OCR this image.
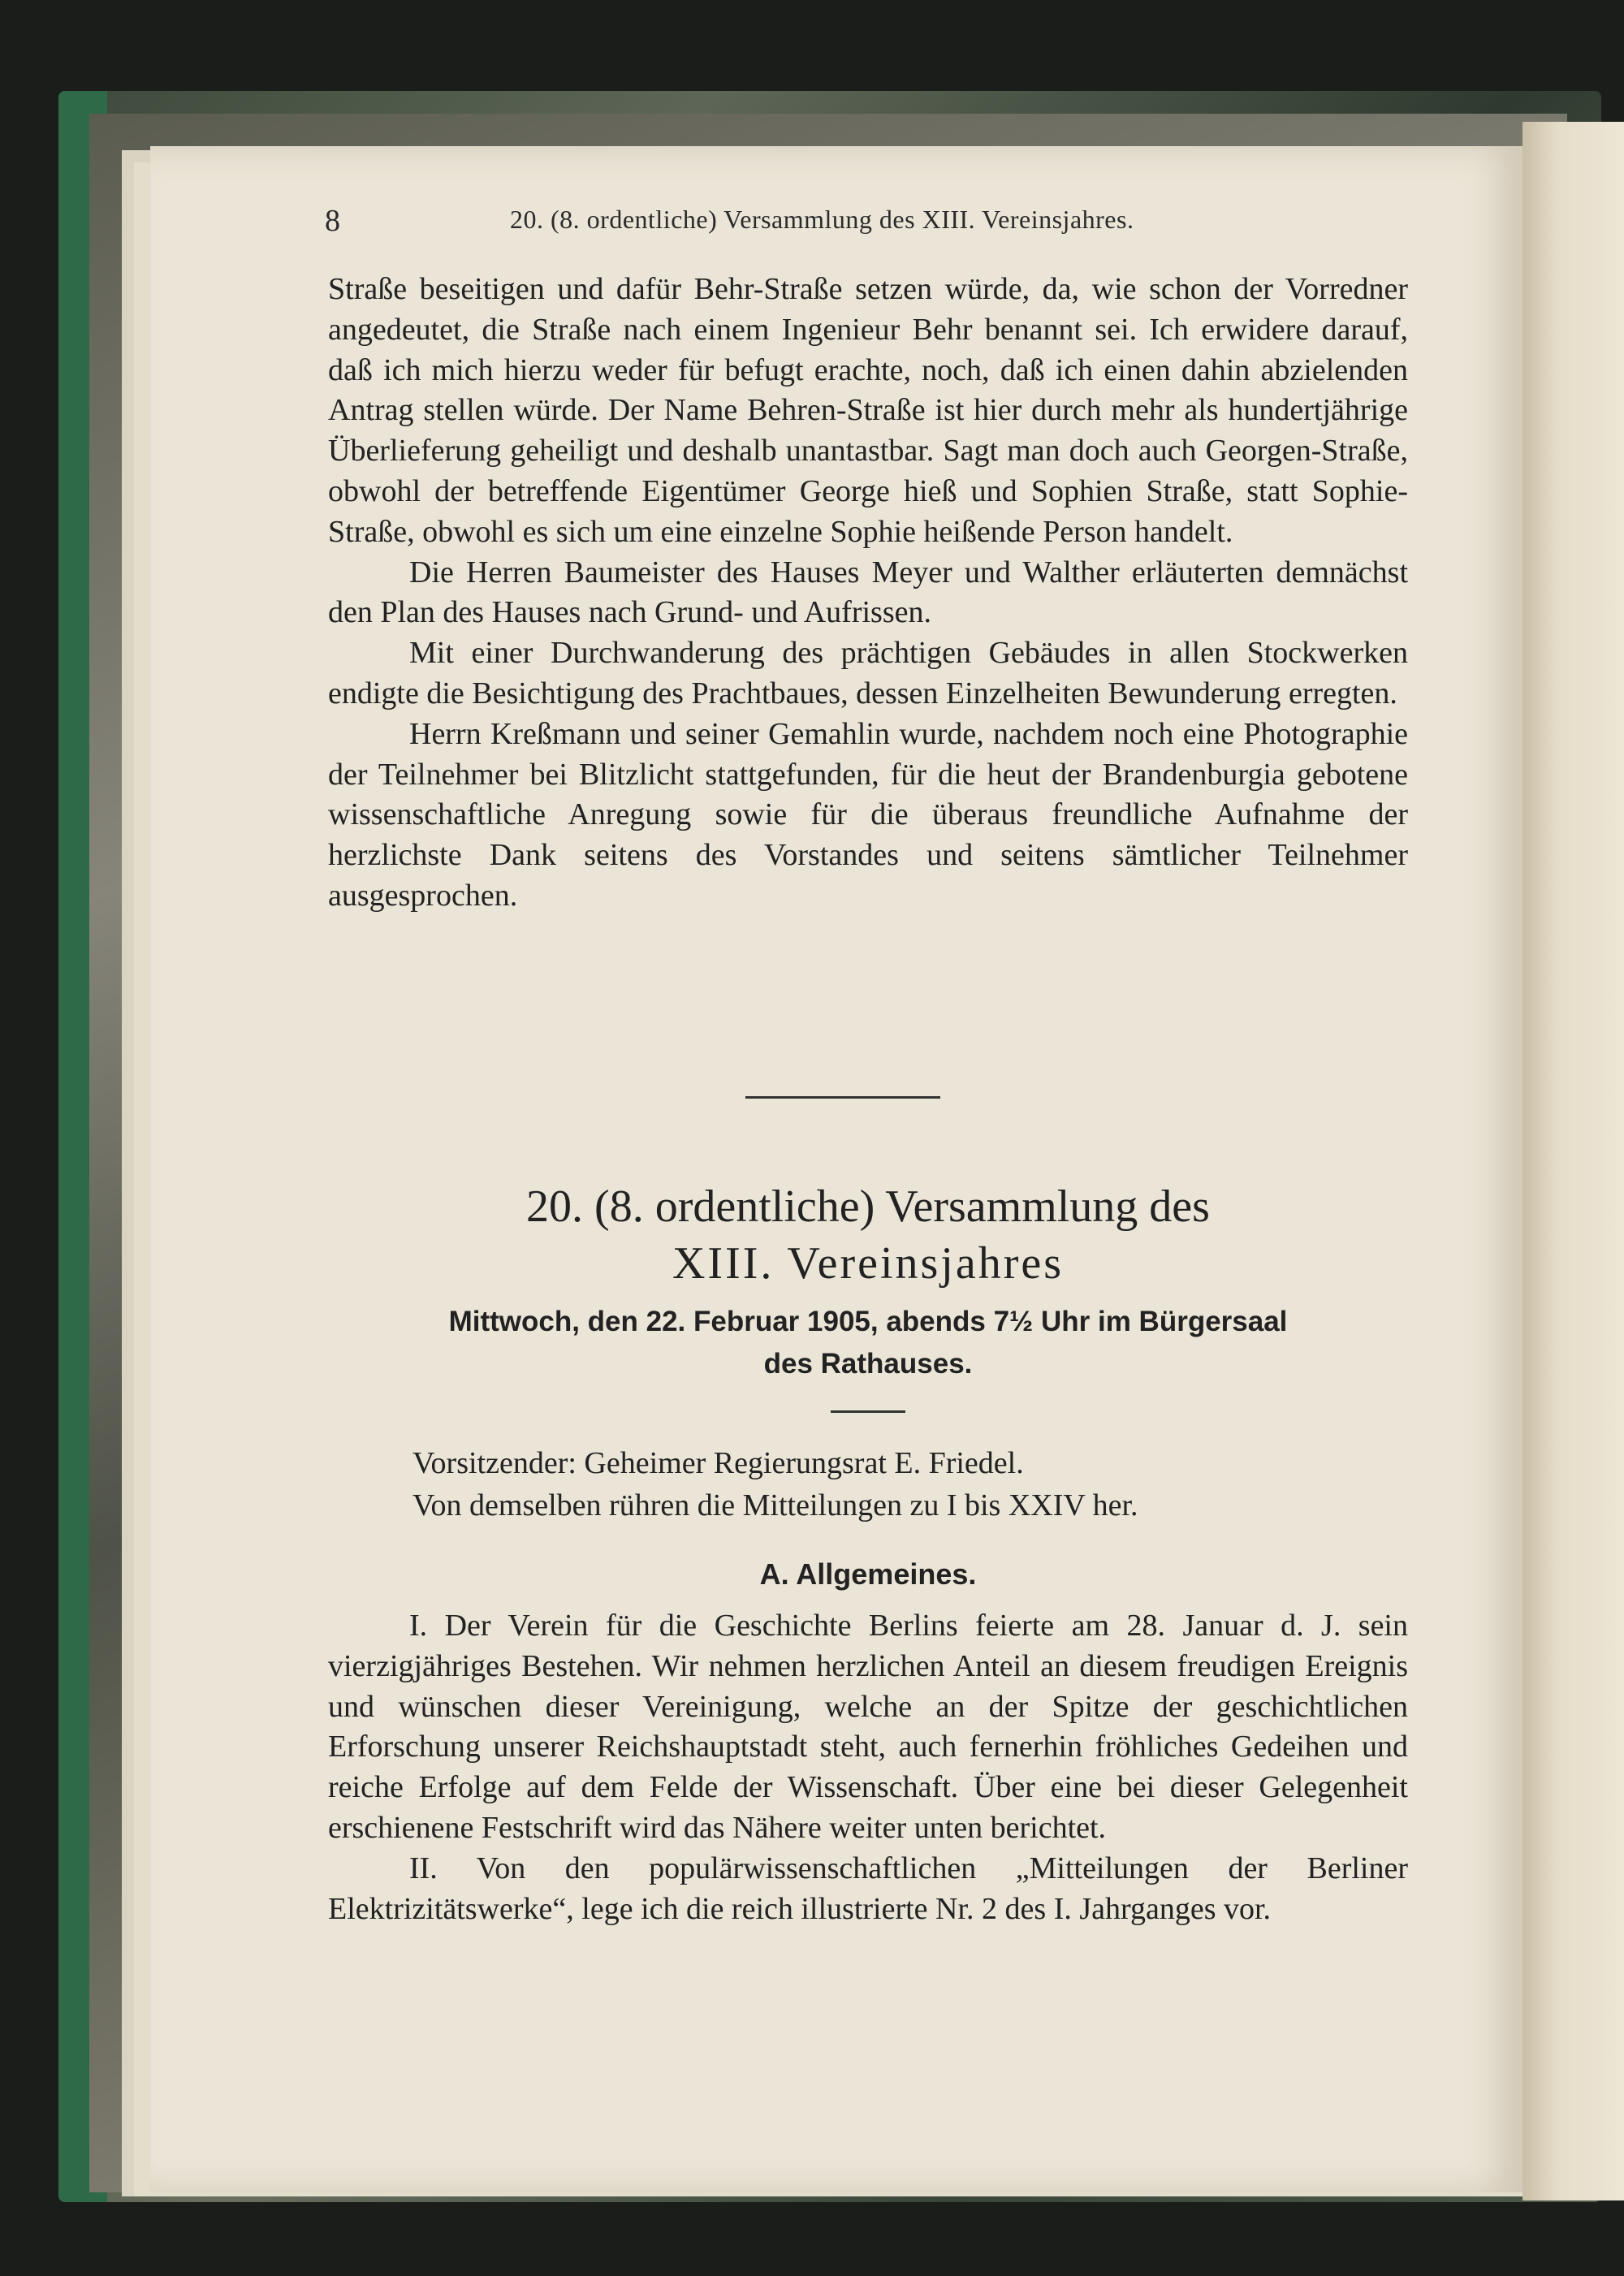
8	20. (8. ordentliche) Versammlung des XIII. Vereinsjahres.

Straße beseitigen und dafür Behr-Straße setzen würde, da, wie schon der Vorredner angedeutet, die Straße nach einem Ingenieur Behr benannt sei. Ich erwidere darauf, daß ich mich hierzu weder für befugt erachte, noch, daß ich einen dahin abzielenden Antrag stellen würde. Der Name Behren-Straße ist hier durch mehr als hundertjährige Überlieferung geheiligt und deshalb unantastbar. Sagt man doch auch Georgen-Straße, obwohl der betreffende Eigentümer George hieß und Sophien Straße, statt Sophie-Straße, obwohl es sich um eine einzelne Sophie heißende Person handelt.

Die Herren Baumeister des Hauses Meyer und Walther erläuterten demnächst den Plan des Hauses nach Grund- und Aufrissen.

Mit einer Durchwanderung des prächtigen Gebäudes in allen Stockwerken endigte die Besichtigung des Prachtbaues, dessen Einzelheiten Bewunderung erregten.

Herrn Kreßmann und seiner Gemahlin wurde, nachdem noch eine Photographie der Teilnehmer bei Blitzlicht stattgefunden, für die heut der Brandenburgia gebotene wissenschaftliche Anregung sowie für die überaus freundliche Aufnahme der herzlichste Dank seitens des Vorstandes und seitens sämtlicher Teilnehmer ausgesprochen.

20. (8. ordentliche) Versammlung des
XIII. Vereinsjahres
Mittwoch, den 22. Februar 1905, abends 7½ Uhr im Bürgersaal
des Rathauses.
Vorsitzender: Geheimer Regierungsrat E. Friedel.
Von demselben rühren die Mitteilungen zu I bis XXIV her.
A. Allgemeines.

I. Der Verein für die Geschichte Berlins feierte am 28. Januar d. J. sein vierzigjähriges Bestehen. Wir nehmen herzlichen Anteil an diesem freudigen Ereignis und wünschen dieser Vereinigung, welche an der Spitze der geschichtlichen Erforschung unserer Reichshauptstadt steht, auch fernerhin fröhliches Gedeihen und reiche Erfolge auf dem Felde der Wissenschaft. Über eine bei dieser Gelegenheit erschienene Festschrift wird das Nähere weiter unten berichtet.

II. Von den populärwissenschaftlichen „Mitteilungen der Berliner Elektrizitätswerke“, lege ich die reich illustrierte Nr. 2 des I. Jahrganges vor.
